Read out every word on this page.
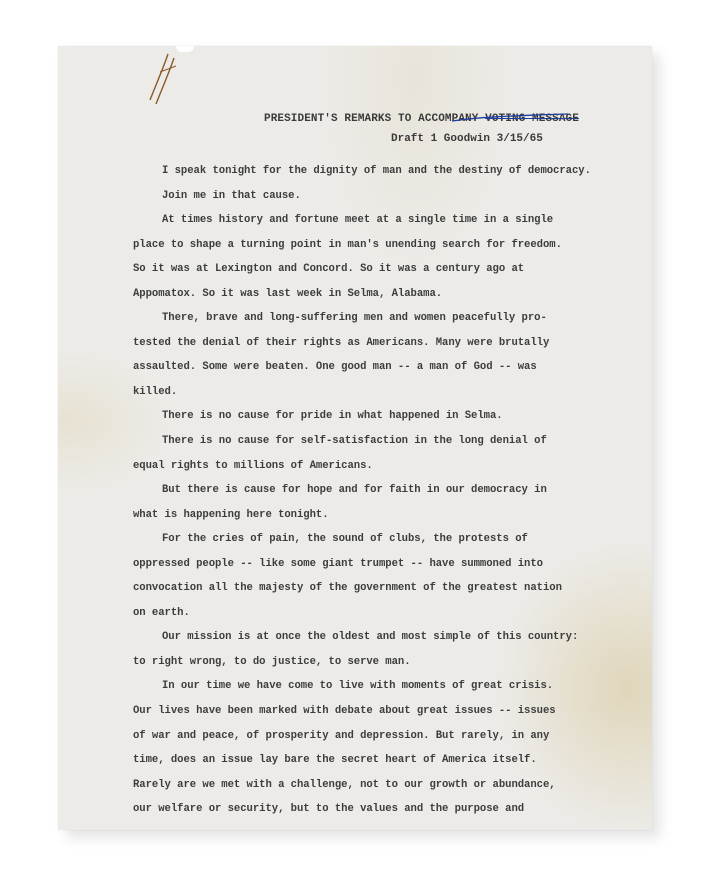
PRESIDENT'S REMARKS TO ACCOMPANY VOTING MESSAGE
Draft 1 Goodwin 3/15/65
I speak tonight for the dignity of man and the destiny of democracy.
Join me in that cause.
At times history and fortune meet at a single time in a single
place to shape a turning point in man's unending search for freedom.
So it was at Lexington and Concord. So it was a century ago at
Appomatox. So it was last week in Selma, Alabama.
There, brave and long-suffering men and women peacefully pro-
tested the denial of their rights as Americans. Many were brutally
assaulted. Some were beaten. One good man -- a man of God -- was
killed.
There is no cause for pride in what happened in Selma.
There is no cause for self-satisfaction in the long denial of
equal rights to millions of Americans.
But there is cause for hope and for faith in our democracy in
what is happening here tonight.
For the cries of pain, the sound of clubs, the protests of
oppressed people -- like some giant trumpet -- have summoned into
convocation all the majesty of the government of the greatest nation
on earth.
Our mission is at once the oldest and most simple of this country:
to right wrong, to do justice, to serve man.
In our time we have come to live with moments of great crisis.
Our lives have been marked with debate about great issues -- issues
of war and peace, of prosperity and depression. But rarely, in any
time, does an issue lay bare the secret heart of America itself.
Rarely are we met with a challenge, not to our growth or abundance,
our welfare or security, but to the values and the purpose and
